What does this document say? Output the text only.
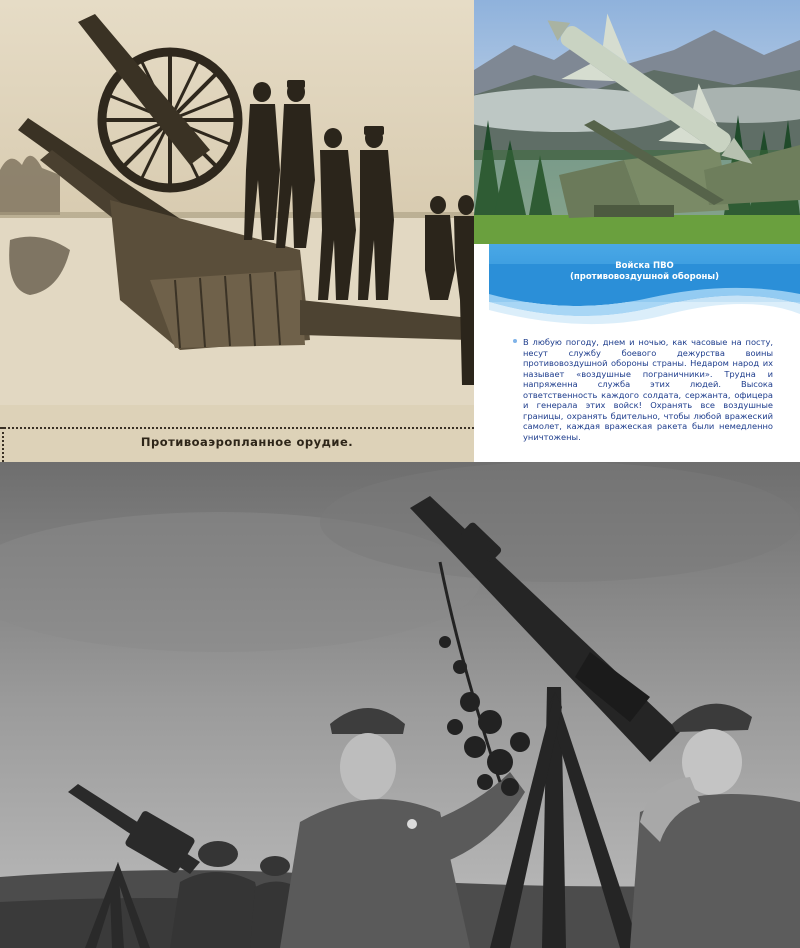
Противоаэропланное орудие.
Войска ПВО
(противовоздушной обороны)
В любую погоду, днем и ночью, как часовые на посту, несут службу боевого дежурства воины противовоздушной обороны страны. Недаром народ их называет «воздушные пограничники». Трудна и напряженна служба этих людей. Высока ответственность каждого солдата, сержанта, офицера и генерала этих войск! Охранять все воздушные границы, охранять бдительно, чтобы любой вражеский самолет, каждая вражеская ракета были немедленно уничтожены.
